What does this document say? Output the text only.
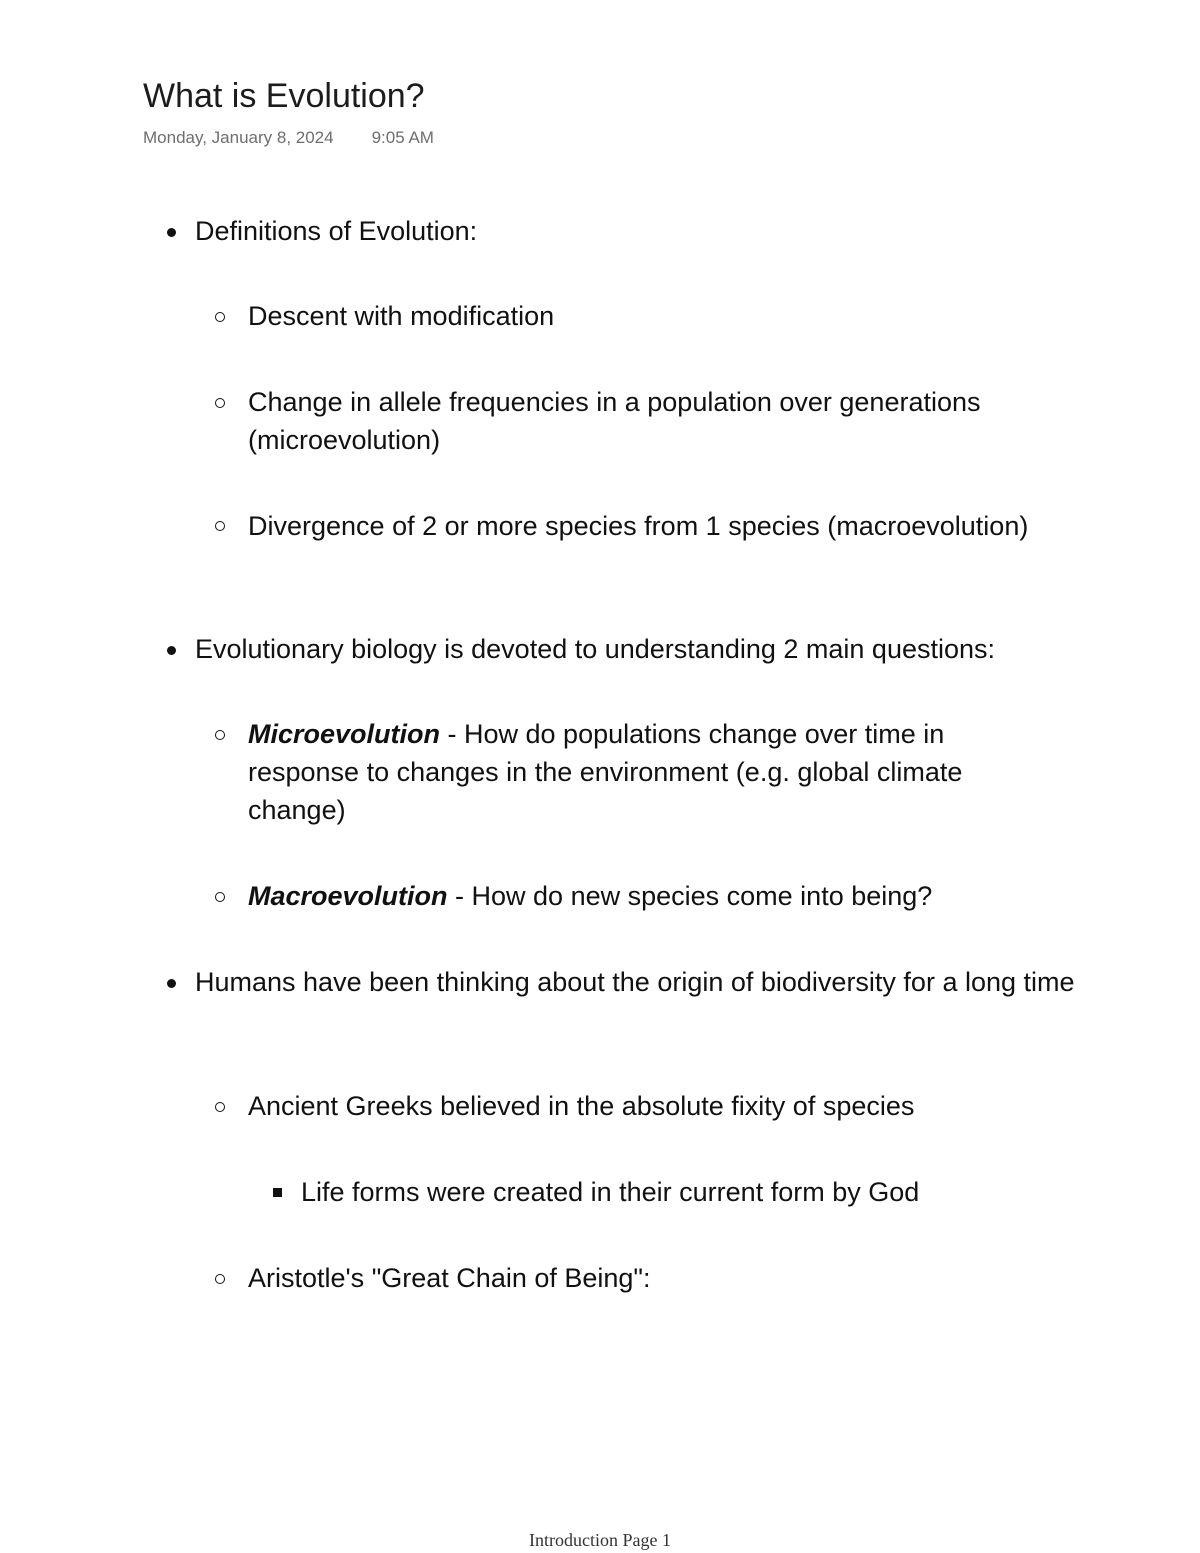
What is Evolution?
Monday, January 8, 2024 9:05 AM
Definitions of Evolution:
Descent with modification
Change in allele frequencies in a population over generations (microevolution)
Divergence of 2 or more species from 1 species (macroevolution)
Evolutionary biology is devoted to understanding 2 main questions:
Microevolution - How do populations change over time in response to changes in the environment (e.g. global climate change)
Macroevolution - How do new species come into being?
Humans have been thinking about the origin of biodiversity for a long time
Ancient Greeks believed in the absolute fixity of species
Life forms were created in their current form by God
Aristotle's "Great Chain of Being":
Introduction Page 1
